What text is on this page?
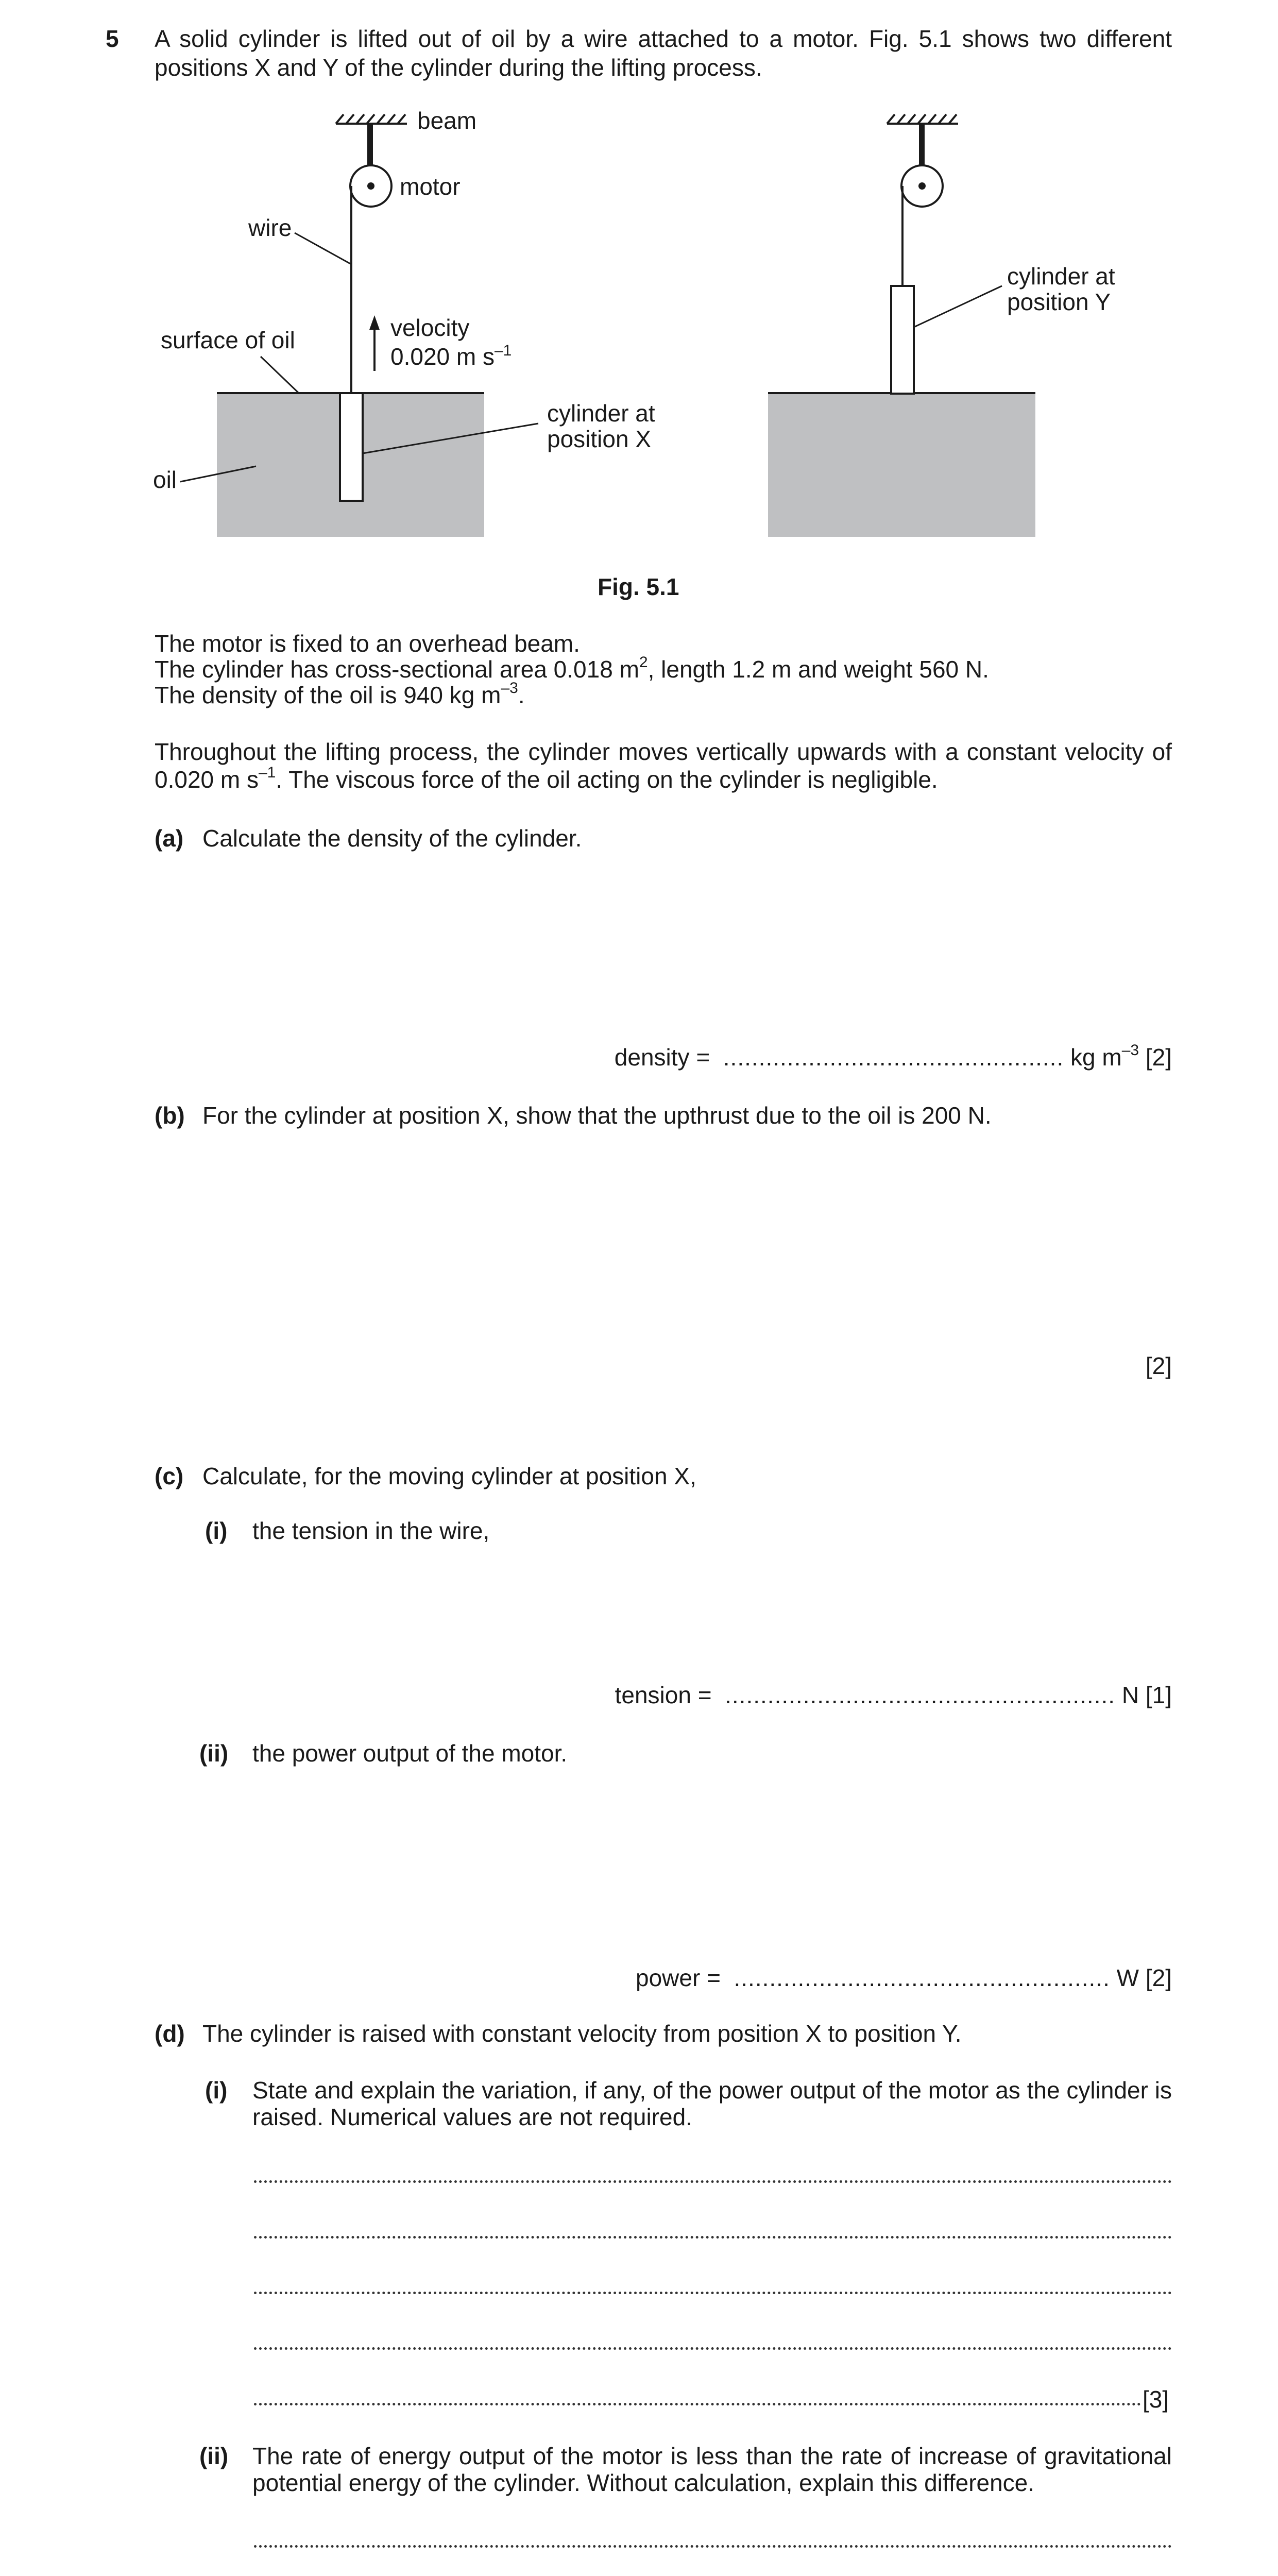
5 A solid cylinder is lifted out of oil by a wire attached to a motor. Fig. 5.1 shows two different
positions X and Y of the cylinder during the lifting process.
beam
motor
wire
velocity
0.020 m $s^{-1}$
surface of oil
oil
cylinder at
position X
cylinder at
position Y
Fig. 5.1
The motor is fixed to an overhead beam.
The cylinder has cross-sectional area 0.018 $m^2$, length 1.2 m and weight 560 N.
The density of the oil is 940 kg $m^{-3}$.
Throughout the lifting process, the cylinder moves vertically upwards with a constant velocity of
0.020 m $s^{-1}$. The viscous force of the oil acting on the cylinder is negligible.
(a) Calculate the density of the cylinder.
density = ................................................ kg $m^{-3}$ [2]
(b) For the cylinder at position X, show that the upthrust due to the oil is 200 N.
[2]
(c) Calculate, for the moving cylinder at position X,
(i) the tension in the wire,
tension = ....................................................... N [1]
(ii) the power output of the motor.
power = ..................................................... W [2]
(d) The cylinder is raised with constant velocity from position X to position Y.
(i) State and explain the variation, if any, of the power output of the motor as the cylinder is
raised. Numerical values are not required.
[3]
(ii) The rate of energy output of the motor is less than the rate of increase of gravitational
potential energy of the cylinder. Without calculation, explain this difference.
